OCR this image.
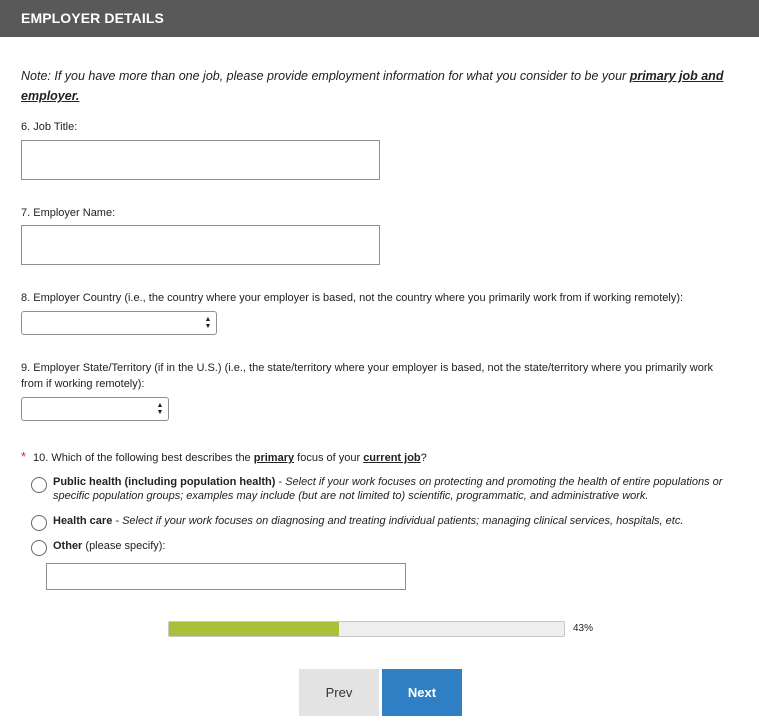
EMPLOYER DETAILS
Note: If you have more than one job, please provide employment information for what you consider to be your primary job and employer.
6. Job Title:
7. Employer Name:
8. Employer Country (i.e., the country where your employer is based, not the country where you primarily work from if working remotely):
▲
▼
9. Employer State/Territory (if in the U.S.) (i.e., the state/territory where your employer is based, not the state/territory where you primarily work from if working remotely):
▲
▼
* 10. Which of the following best describes the primary focus of your current job?
Public health (including population health) - Select if your work focuses on protecting and promoting the health of entire populations or specific population groups; examples may include (but are not limited to) scientific, programmatic, and administrative work.
Health care - Select if your work focuses on diagnosing and treating individual patients; managing clinical services, hospitals, etc.
Other (please specify):
43%
Prev	Next
